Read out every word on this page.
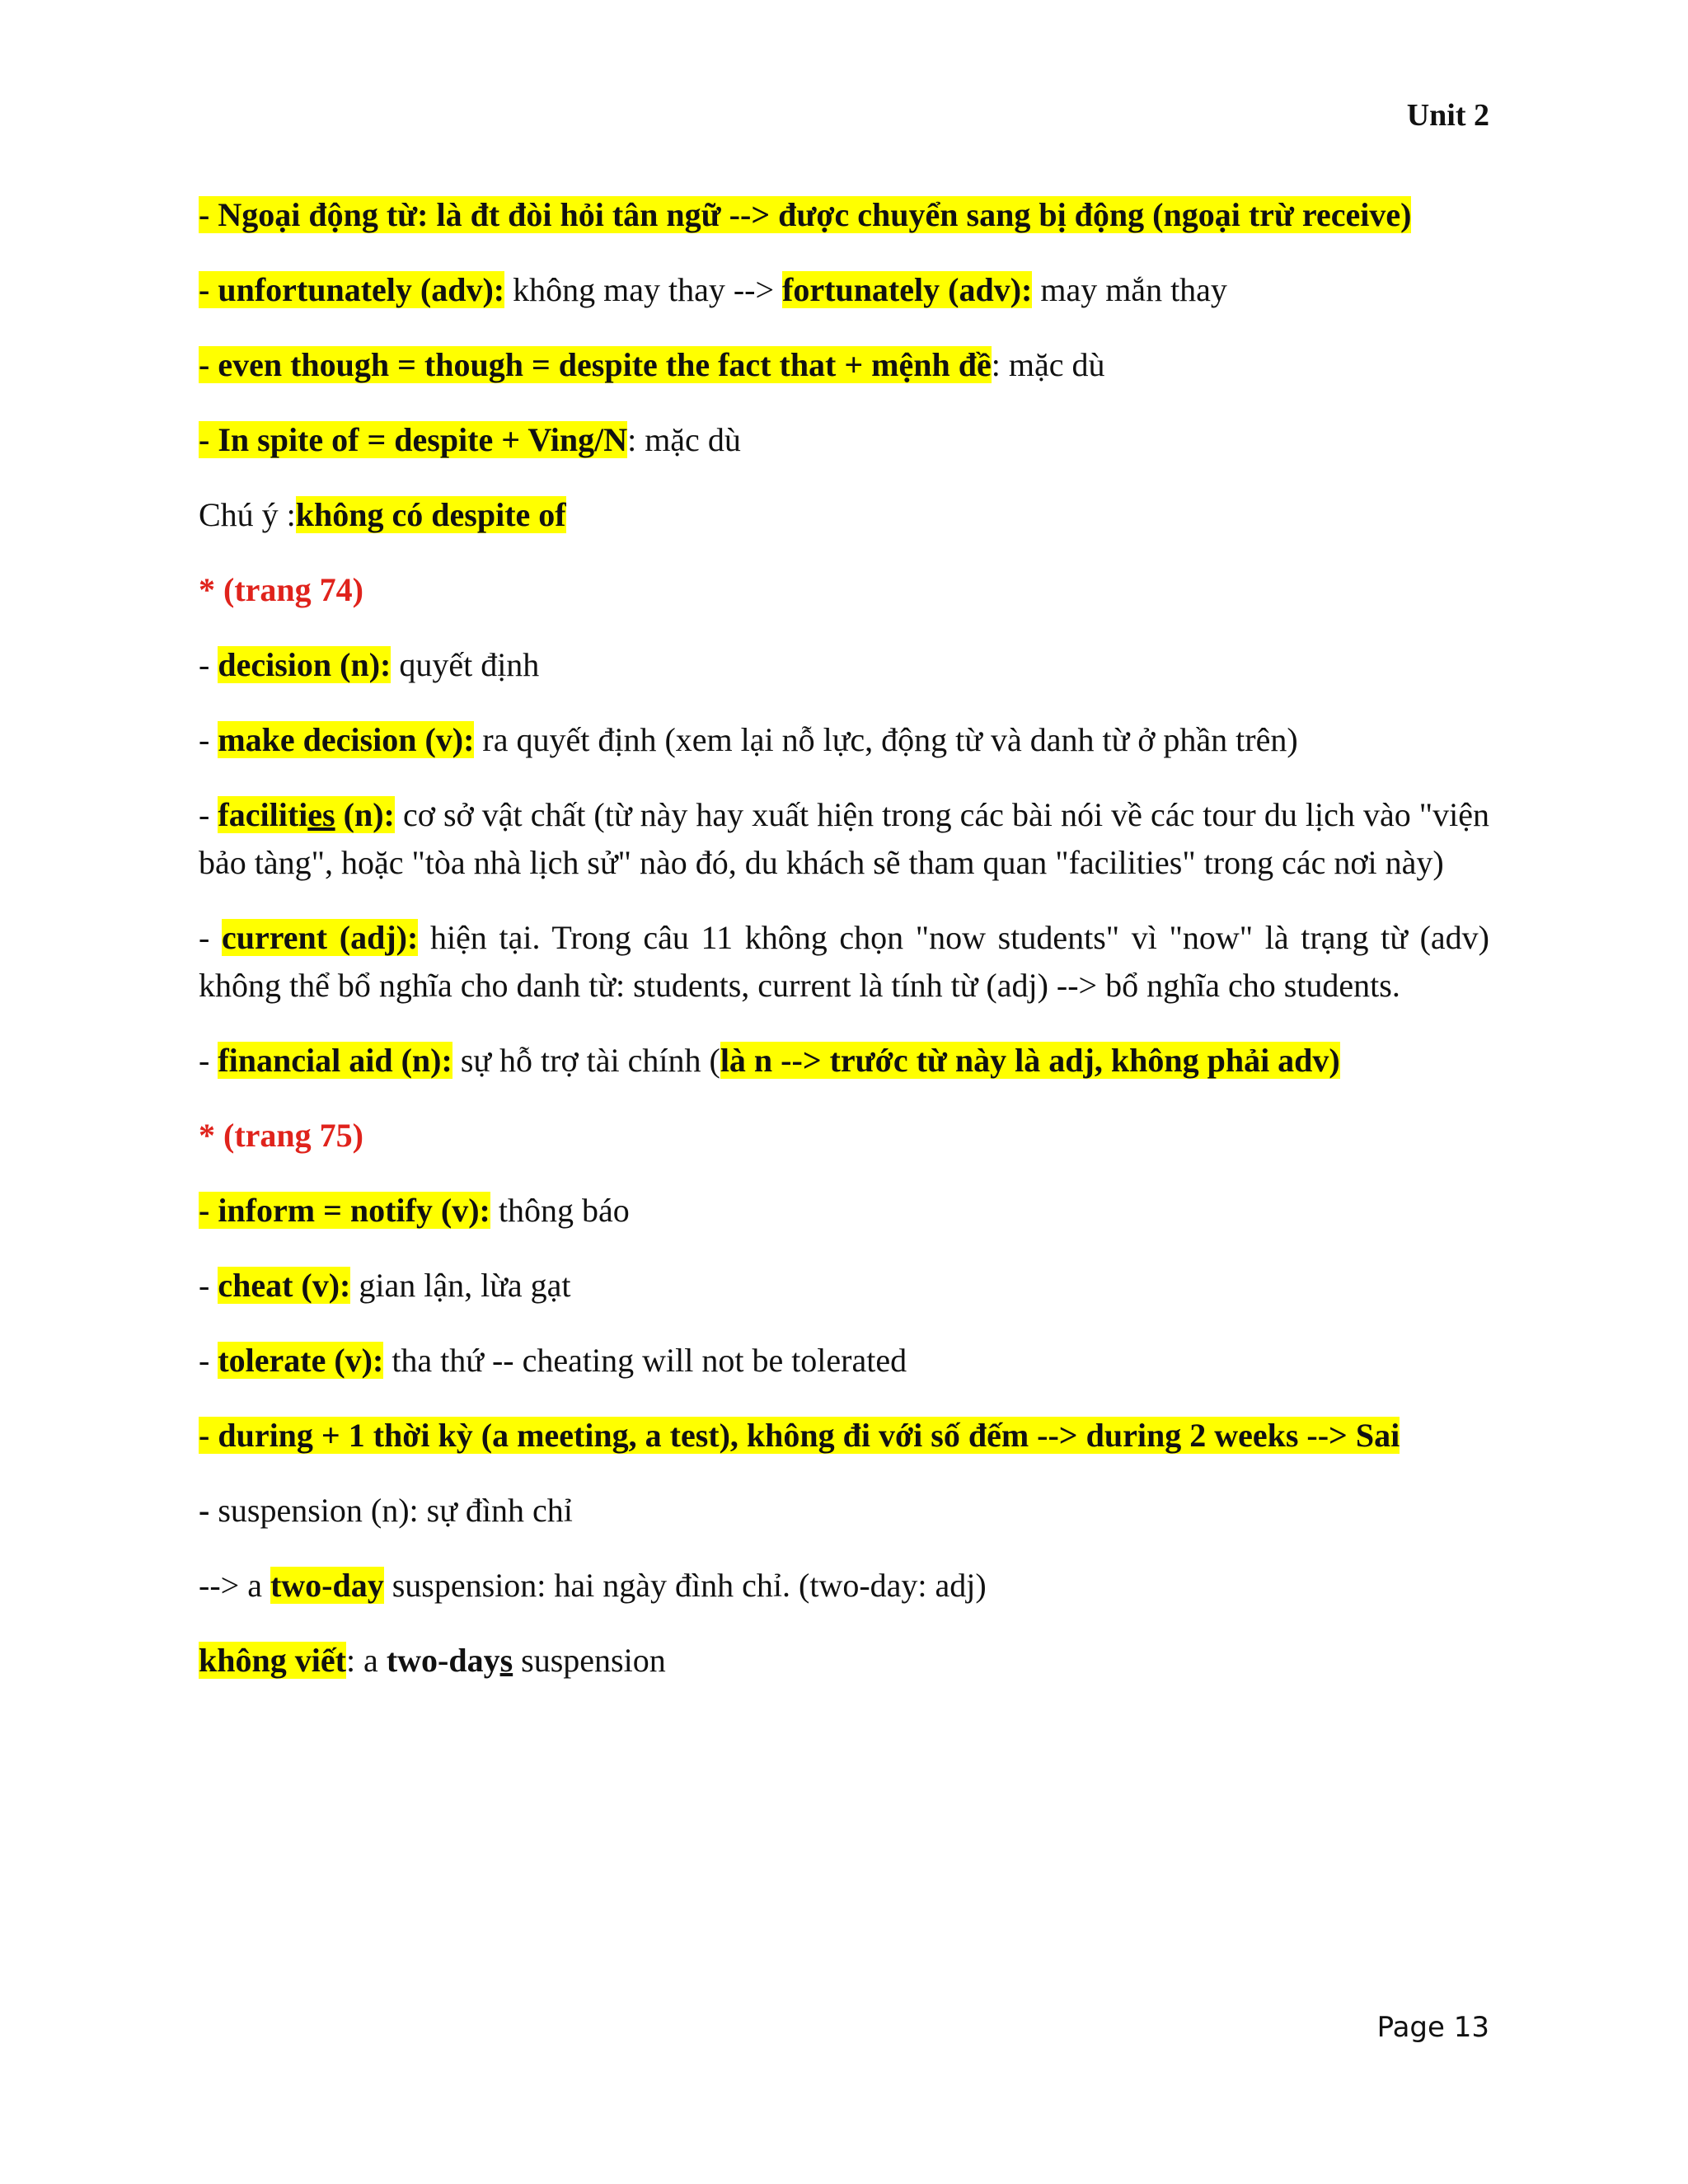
Unit 2

- Ngoại động từ: là đt đòi hỏi tân ngữ --> được chuyển sang bị động (ngoại trừ receive)

- unfortunately (adv): không may thay --> fortunately (adv): may mắn thay

- even though = though = despite the fact that + mệnh đề: mặc dù

- In spite of = despite + Ving/N: mặc dù

Chú ý :không có despite of

* (trang 74)

- decision (n): quyết định

- make decision (v): ra quyết định (xem lại nỗ lực, động từ và danh từ ở phần trên)

- facilities (n): cơ sở vật chất (từ này hay xuất hiện trong các bài nói về các tour du lịch vào "viện bảo tàng", hoặc "tòa nhà lịch sử" nào đó, du khách sẽ tham quan "facilities" trong các nơi này)

- current (adj): hiện tại. Trong câu 11 không chọn "now students" vì "now" là trạng từ (adv) không thể bổ nghĩa cho danh từ: students, current là tính từ (adj) --> bổ nghĩa cho students.

- financial aid (n): sự hỗ trợ tài chính (là n --> trước từ này là adj, không phải adv)

* (trang 75)

- inform = notify (v): thông báo

- cheat (v): gian lận, lừa gạt

- tolerate (v): tha thứ -- cheating will not be tolerated

- during + 1 thời kỳ (a meeting, a test), không đi với số đếm --> during 2 weeks --> Sai

- suspension (n): sự đình chỉ

--> a two-day suspension: hai ngày đình chỉ. (two-day: adj)

không viết: a two-days suspension

Page 13
